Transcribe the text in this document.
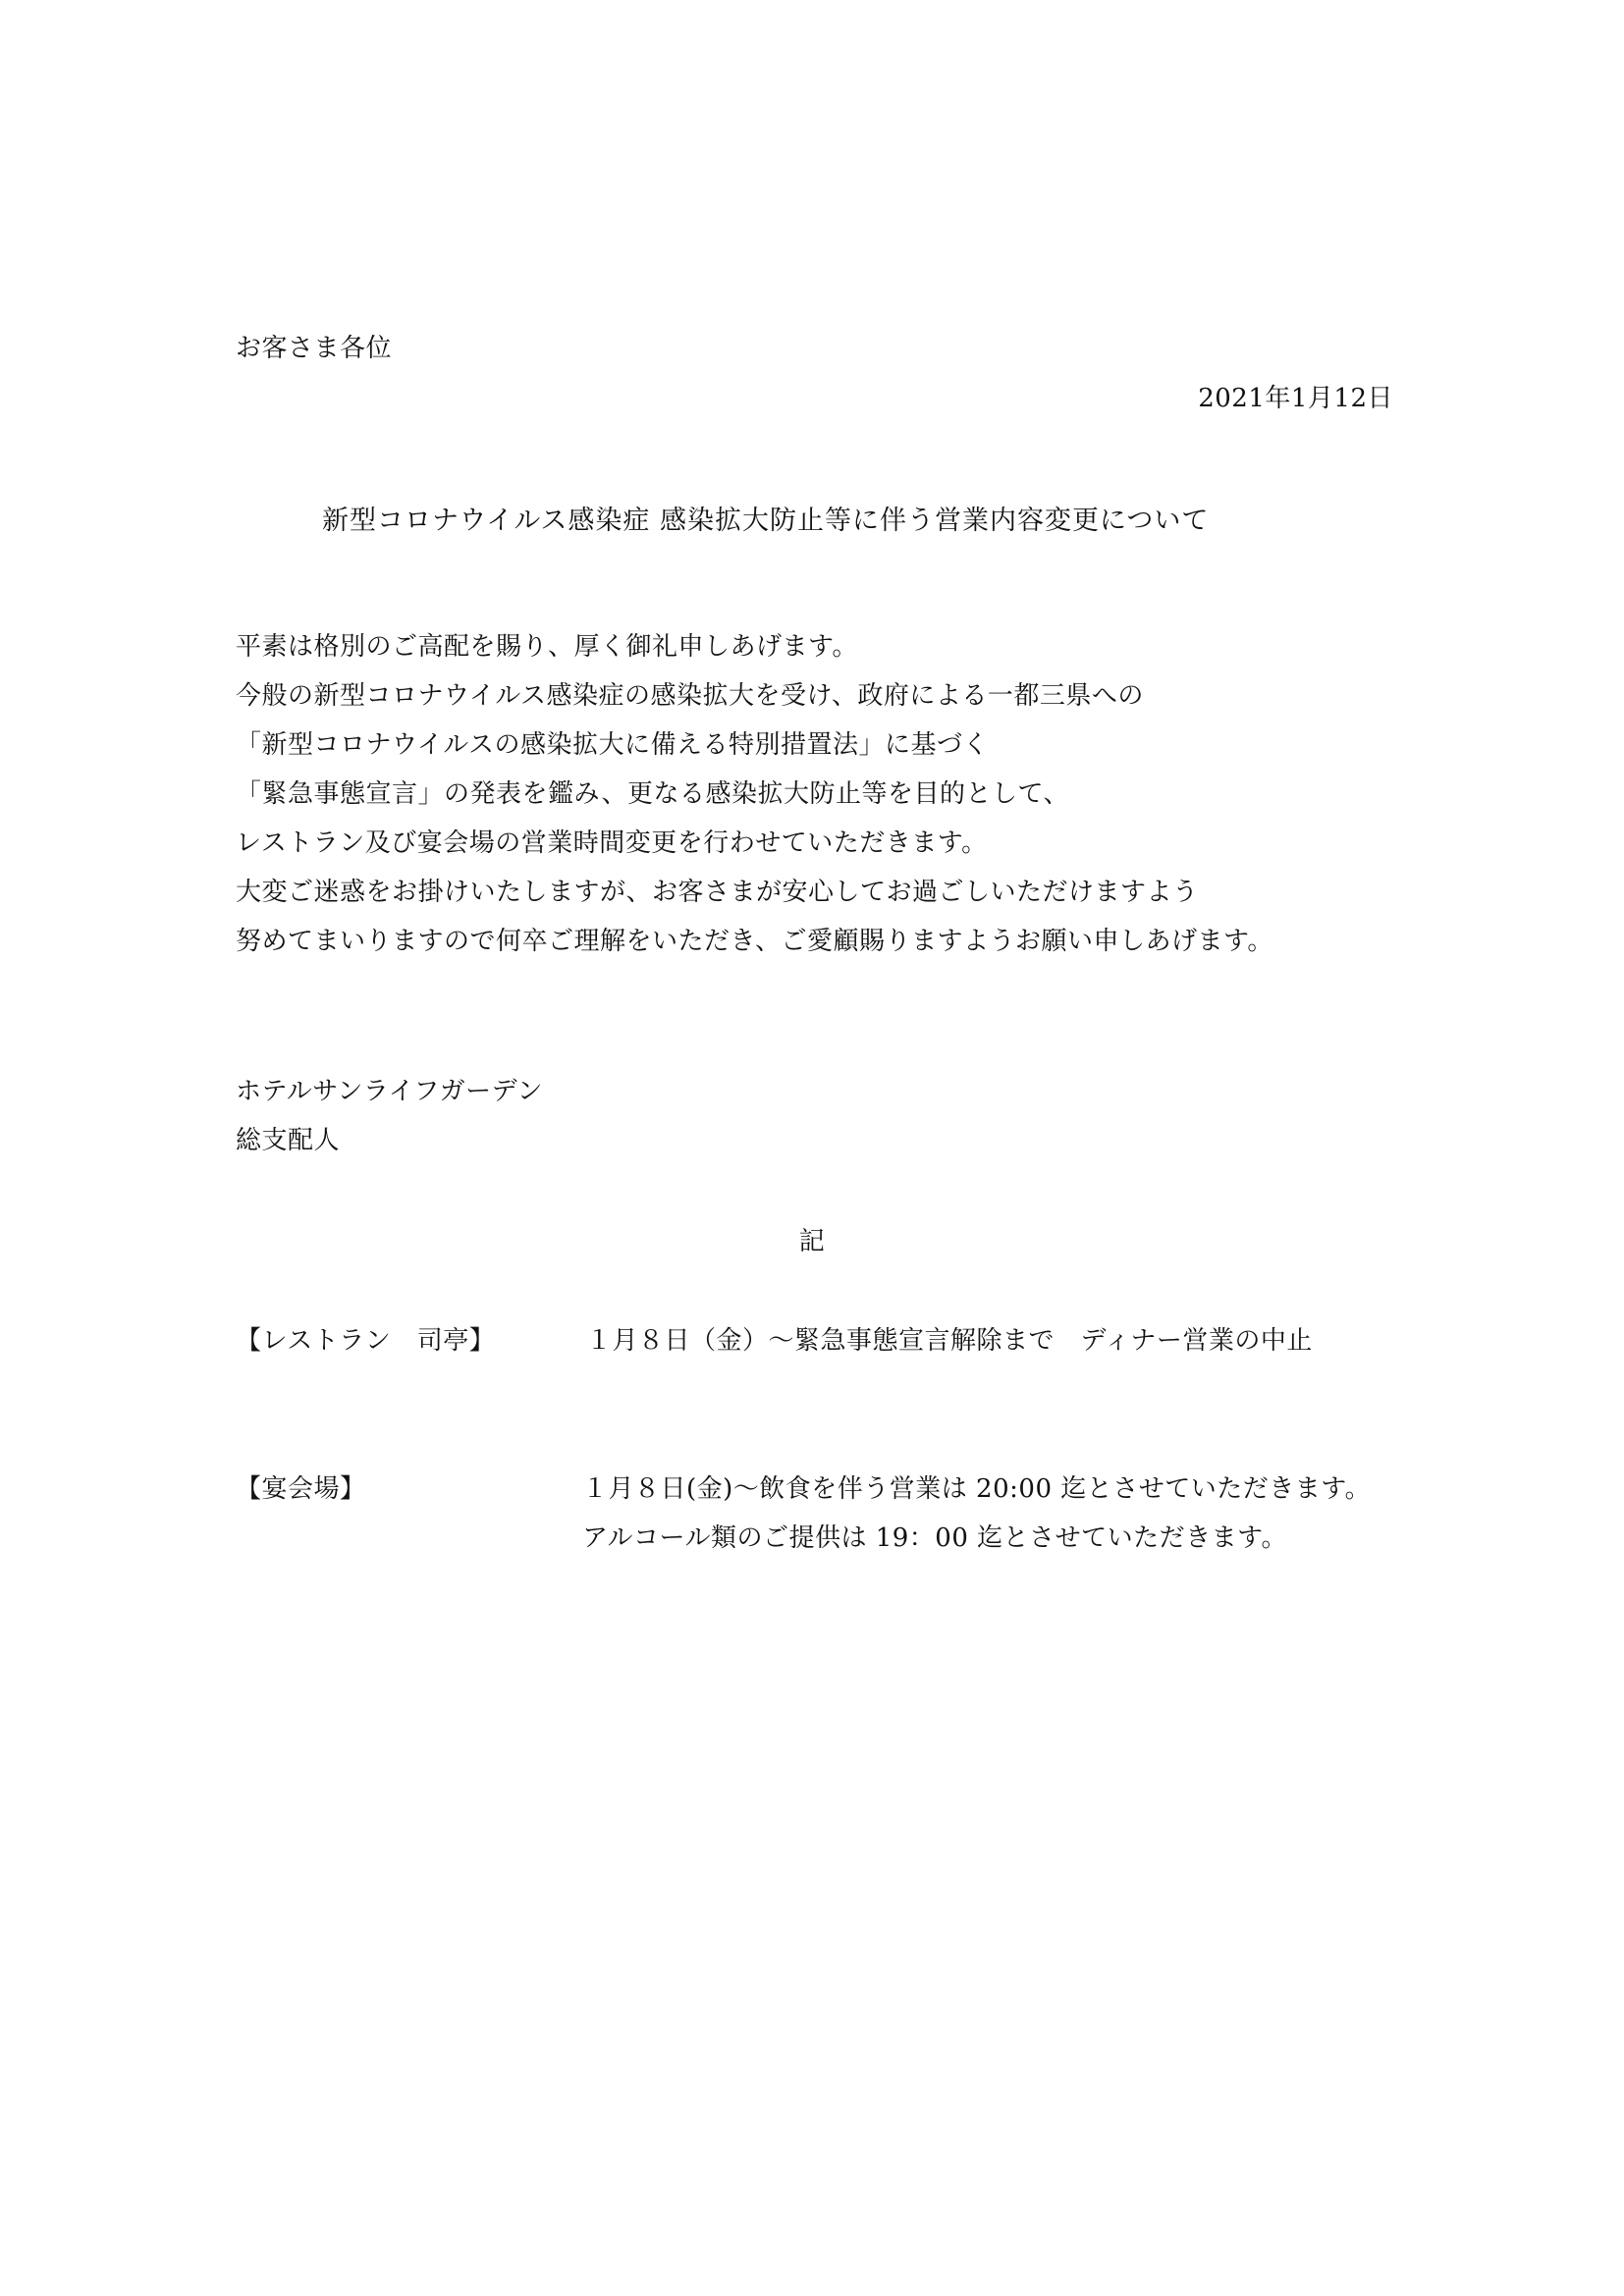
お客さま各位
2021年1月12日
新型コロナウイルス感染症 感染拡大防止等に伴う営業内容変更について
平素は格別のご高配を賜り、厚く御礼申しあげます。
今般の新型コロナウイルス感染症の感染拡大を受け、政府による一都三県への
「新型コロナウイルスの感染拡大に備える特別措置法」に基づく
「緊急事態宣言」の発表を鑑み、更なる感染拡大防止等を目的として、
レストラン及び宴会場の営業時間変更を行わせていただきます。
大変ご迷惑をお掛けいたしますが、お客さまが安心してお過ごしいただけますよう
努めてまいりますので何卒ご理解をいただき、ご愛顧賜りますようお願い申しあげます。
ホテルサンライフガーデン
総支配人
記
【レストラン　司亭】	１月８日（金）～緊急事態宣言解除まで　ディナー営業の中止
【宴会場】	１月８日(金)～飲食を伴う営業は 20:00 迄とさせていただきます。
アルコール類のご提供は 19：00 迄とさせていただきます。
